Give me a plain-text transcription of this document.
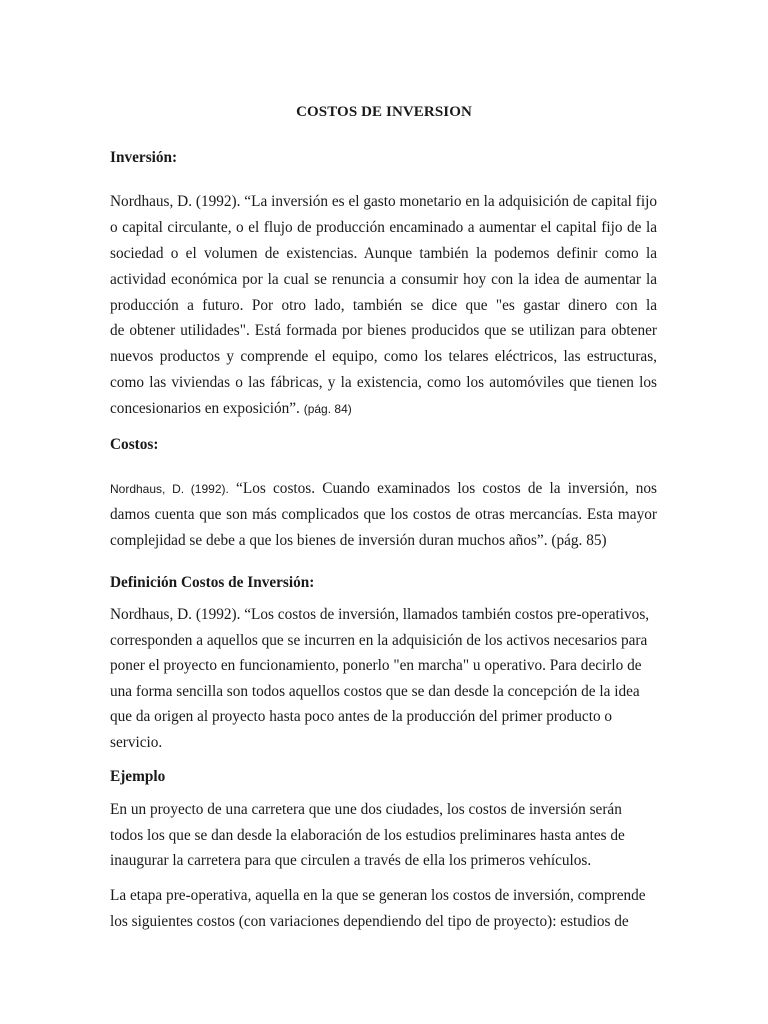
COSTOS DE INVERSION
Inversión:
Nordhaus, D. (1992). “La inversión es el gasto monetario en la adquisición de capital fijo
o capital circulante, o el flujo de producción encaminado a aumentar el capital fijo de la
sociedad o el volumen de existencias. Aunque también la podemos definir como la
actividad económica por la cual se renuncia a consumir hoy con la idea de aumentar la
producción a futuro. Por otro lado, también se dice que "es gastar dinero con la
de obtener utilidades". Está formada por bienes producidos que se utilizan para obtener
nuevos productos y comprende el equipo, como los telares eléctricos, las estructuras,
como las viviendas o las fábricas, y la existencia, como los automóviles que tienen los
concesionarios en exposición”. (pág. 84)
Costos:
Nordhaus, D. (1992). “Los costos. Cuando examinados los costos de la inversión, nos
damos cuenta que son más complicados que los costos de otras mercancías. Esta mayor
complejidad se debe a que los bienes de inversión duran muchos años”. (pág. 85)
Definición Costos de Inversión:
Nordhaus, D. (1992). “Los costos de inversión, llamados también costos pre-operativos,
corresponden a aquellos que se incurren en la adquisición de los activos necesarios para
poner el proyecto en funcionamiento, ponerlo "en marcha" u operativo. Para decirlo de
una forma sencilla son todos aquellos costos que se dan desde la concepción de la idea
que da origen al proyecto hasta poco antes de la producción del primer producto o
servicio.
Ejemplo
En un proyecto de una carretera que une dos ciudades, los costos de inversión serán
todos los que se dan desde la elaboración de los estudios preliminares hasta antes de
inaugurar la carretera para que circulen a través de ella los primeros vehículos.
La etapa pre-operativa, aquella en la que se generan los costos de inversión, comprende
los siguientes costos (con variaciones dependiendo del tipo de proyecto): estudios de
